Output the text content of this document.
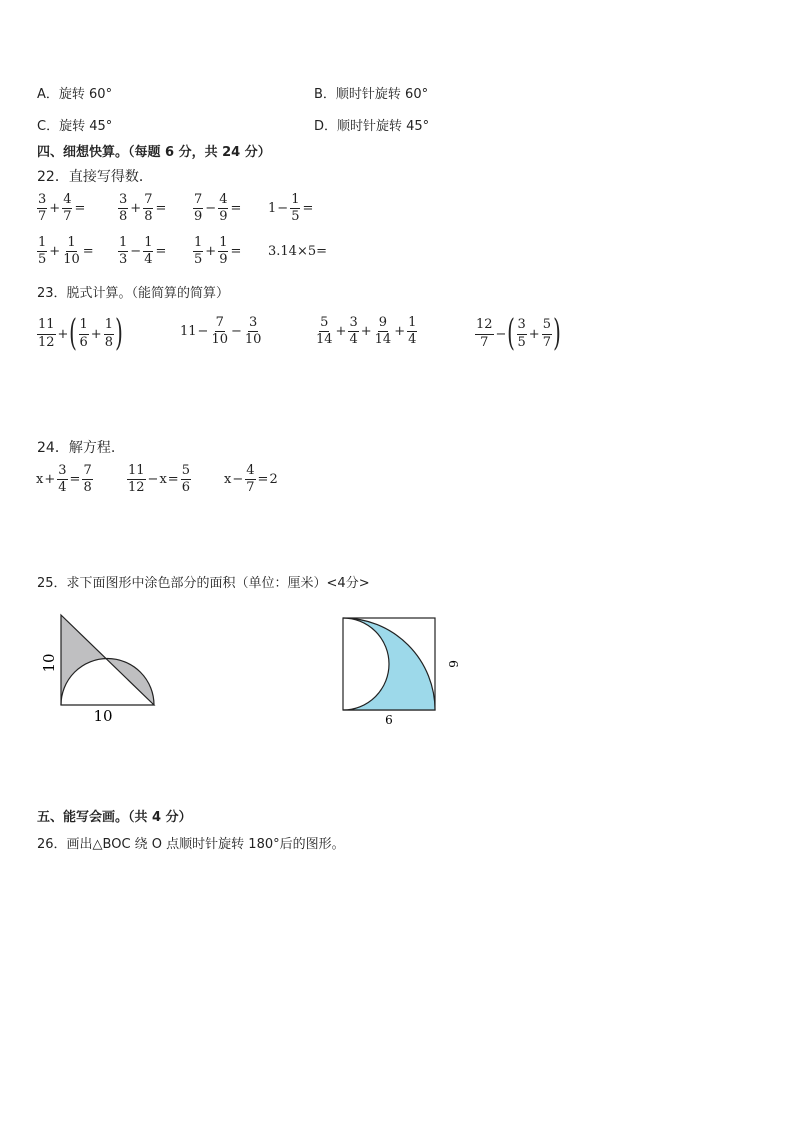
A．旋转 60°	B．顺时针旋转 60°
C．旋转 45°	D．顺时针旋转 45°
四、细想快算。（每题 6 分，共 24 分）
22．直接写得数．
$\frac{3}{7} + \frac{4}{7}$ =	$\frac{3}{8} + \frac{7}{8} = \frac{7}{9} - \frac{4}{9} = 1 - \frac{1}{5}$ =
$\frac{1}{5} + \frac{1}{10} = \frac{1}{3} - \frac{1}{4} = \frac{1}{5} + \frac{1}{9} = 3.14\times 5=$
23．脱式计算。（能简算的简算）
$\frac{11}{12}$ + ( $\frac{1}{6} + \frac{1}{8}$ )	$11 - \frac{7}{10} - \frac{3}{10}$	$\frac{5}{14} + \frac{3}{4} + \frac{9}{14} + \frac{1}{4}$	$\frac{12}{7}$ − ( $\frac{3}{5} + \frac{5}{7}$ )
24．解方程.
$x + \frac{3}{4} = \frac{7}{8}$	$\frac{11}{12} - x = \frac{5}{6}$	$x - \frac{4}{7} = 2$
25．求下面图形中涂色部分的面积（单位：厘米）<4分>
10
10
6
6
五、能写会画。（共 4 分）
26．画出△BOC 绕 O 点顺时针旋转 180°后的图形。
